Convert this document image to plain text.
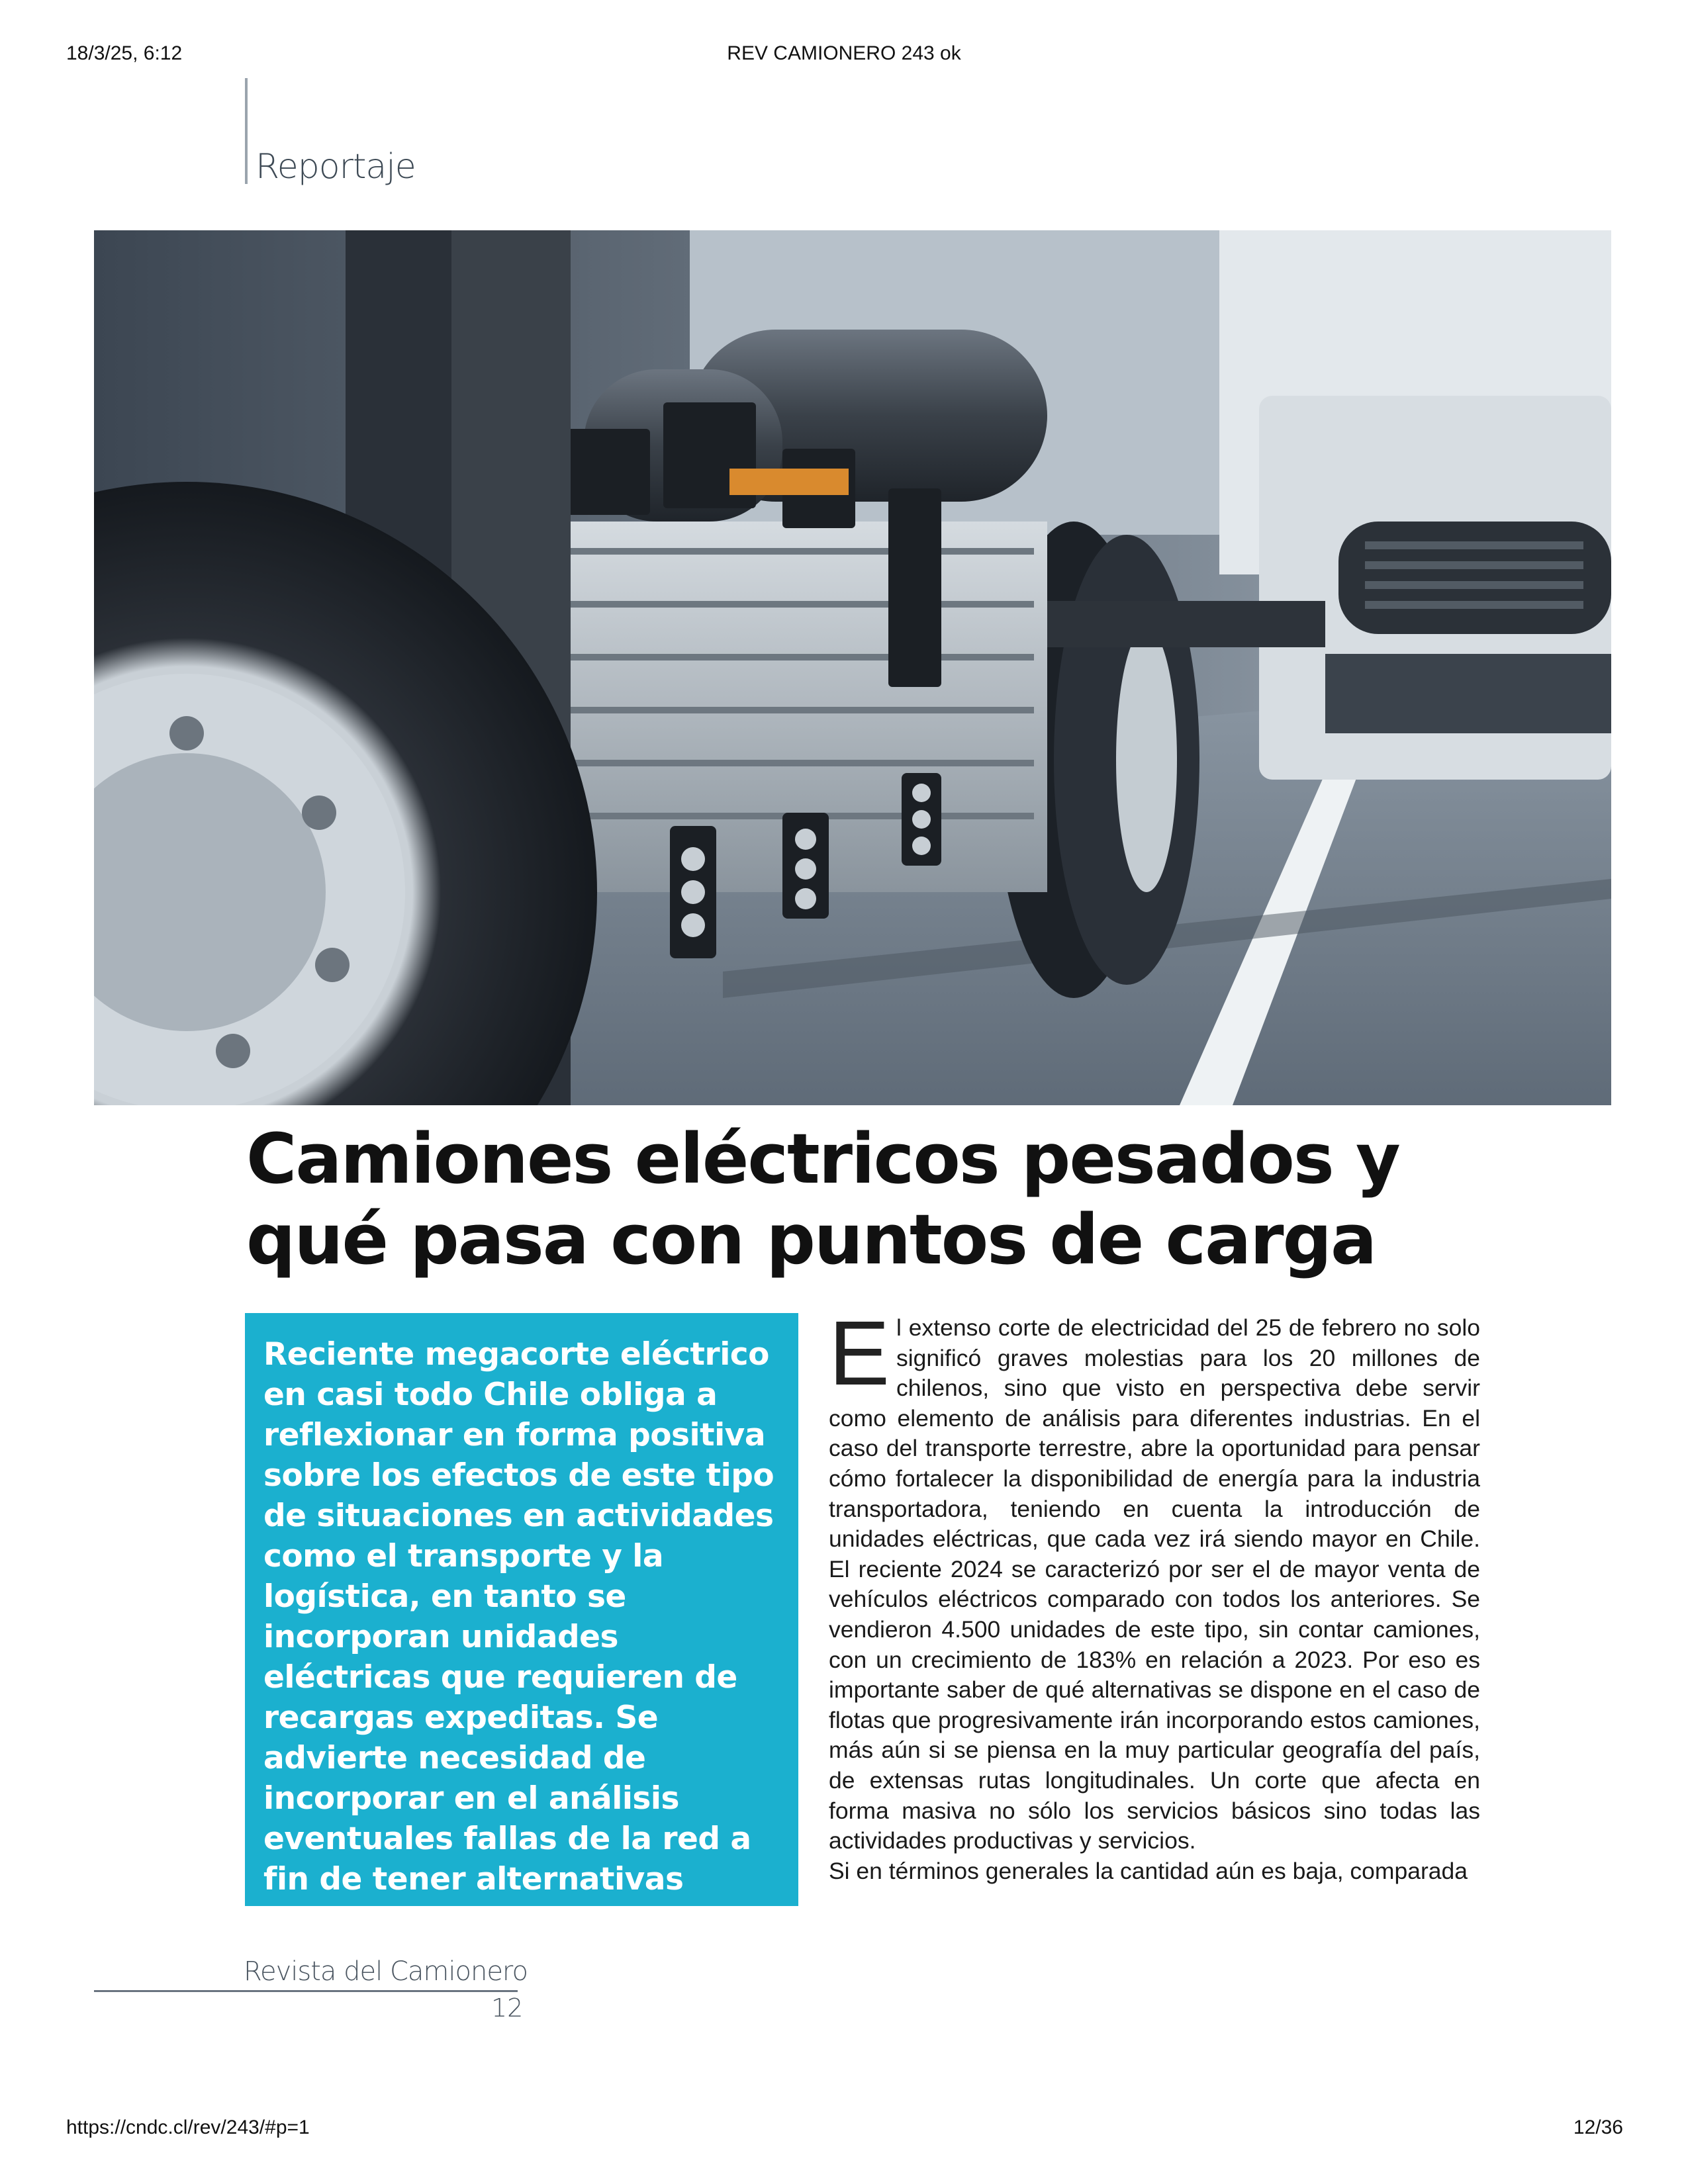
18/3/25, 6:12	REV CAMIONERO 243 ok
Reportaje
Camiones eléctricos pesados y qué pasa con puntos de carga

Reciente megacorte eléctrico en casi todo Chile obliga a reflexionar en forma positiva sobre los efectos de este tipo de situaciones en actividades como el transporte y la logística, en tanto se incorporan unidades eléctricas que requieren de recargas expeditas. Se advierte necesidad de incorporar en el análisis eventuales fallas de la red a fin de tener alternativas resilientes para la industria.

El extenso corte de electricidad del 25 de febrero no solo significó graves molestias para los 20 millones de chilenos, sino que visto en perspectiva debe servir como elemento de análisis para diferentes industrias. En el caso del transporte terrestre, abre la oportunidad para pensar cómo fortalecer la disponibilidad de energía para la industria transportadora, teniendo en cuenta la introducción de unidades eléctricas, que cada vez irá siendo mayor en Chile. El reciente 2024 se caracterizó por ser el de mayor venta de vehículos eléctricos comparado con todos los anteriores. Se vendieron 4.500 unidades de este tipo, sin contar camiones, con un crecimiento de 183% en relación a 2023. Por eso es importante saber de qué alternativas se dispone en el caso de flotas que progresivamente irán incorporando estos camiones, más aún si se piensa en la muy particular geografía del país, de extensas rutas longitudinales. Un corte que afecta en forma masiva no sólo los servicios básicos sino todas las actividades productivas y servicios.

Si en términos generales la cantidad aún es baja, comparada

Revista del Camionero
12
https://cndc.cl/rev/243/#p=1	12/36
